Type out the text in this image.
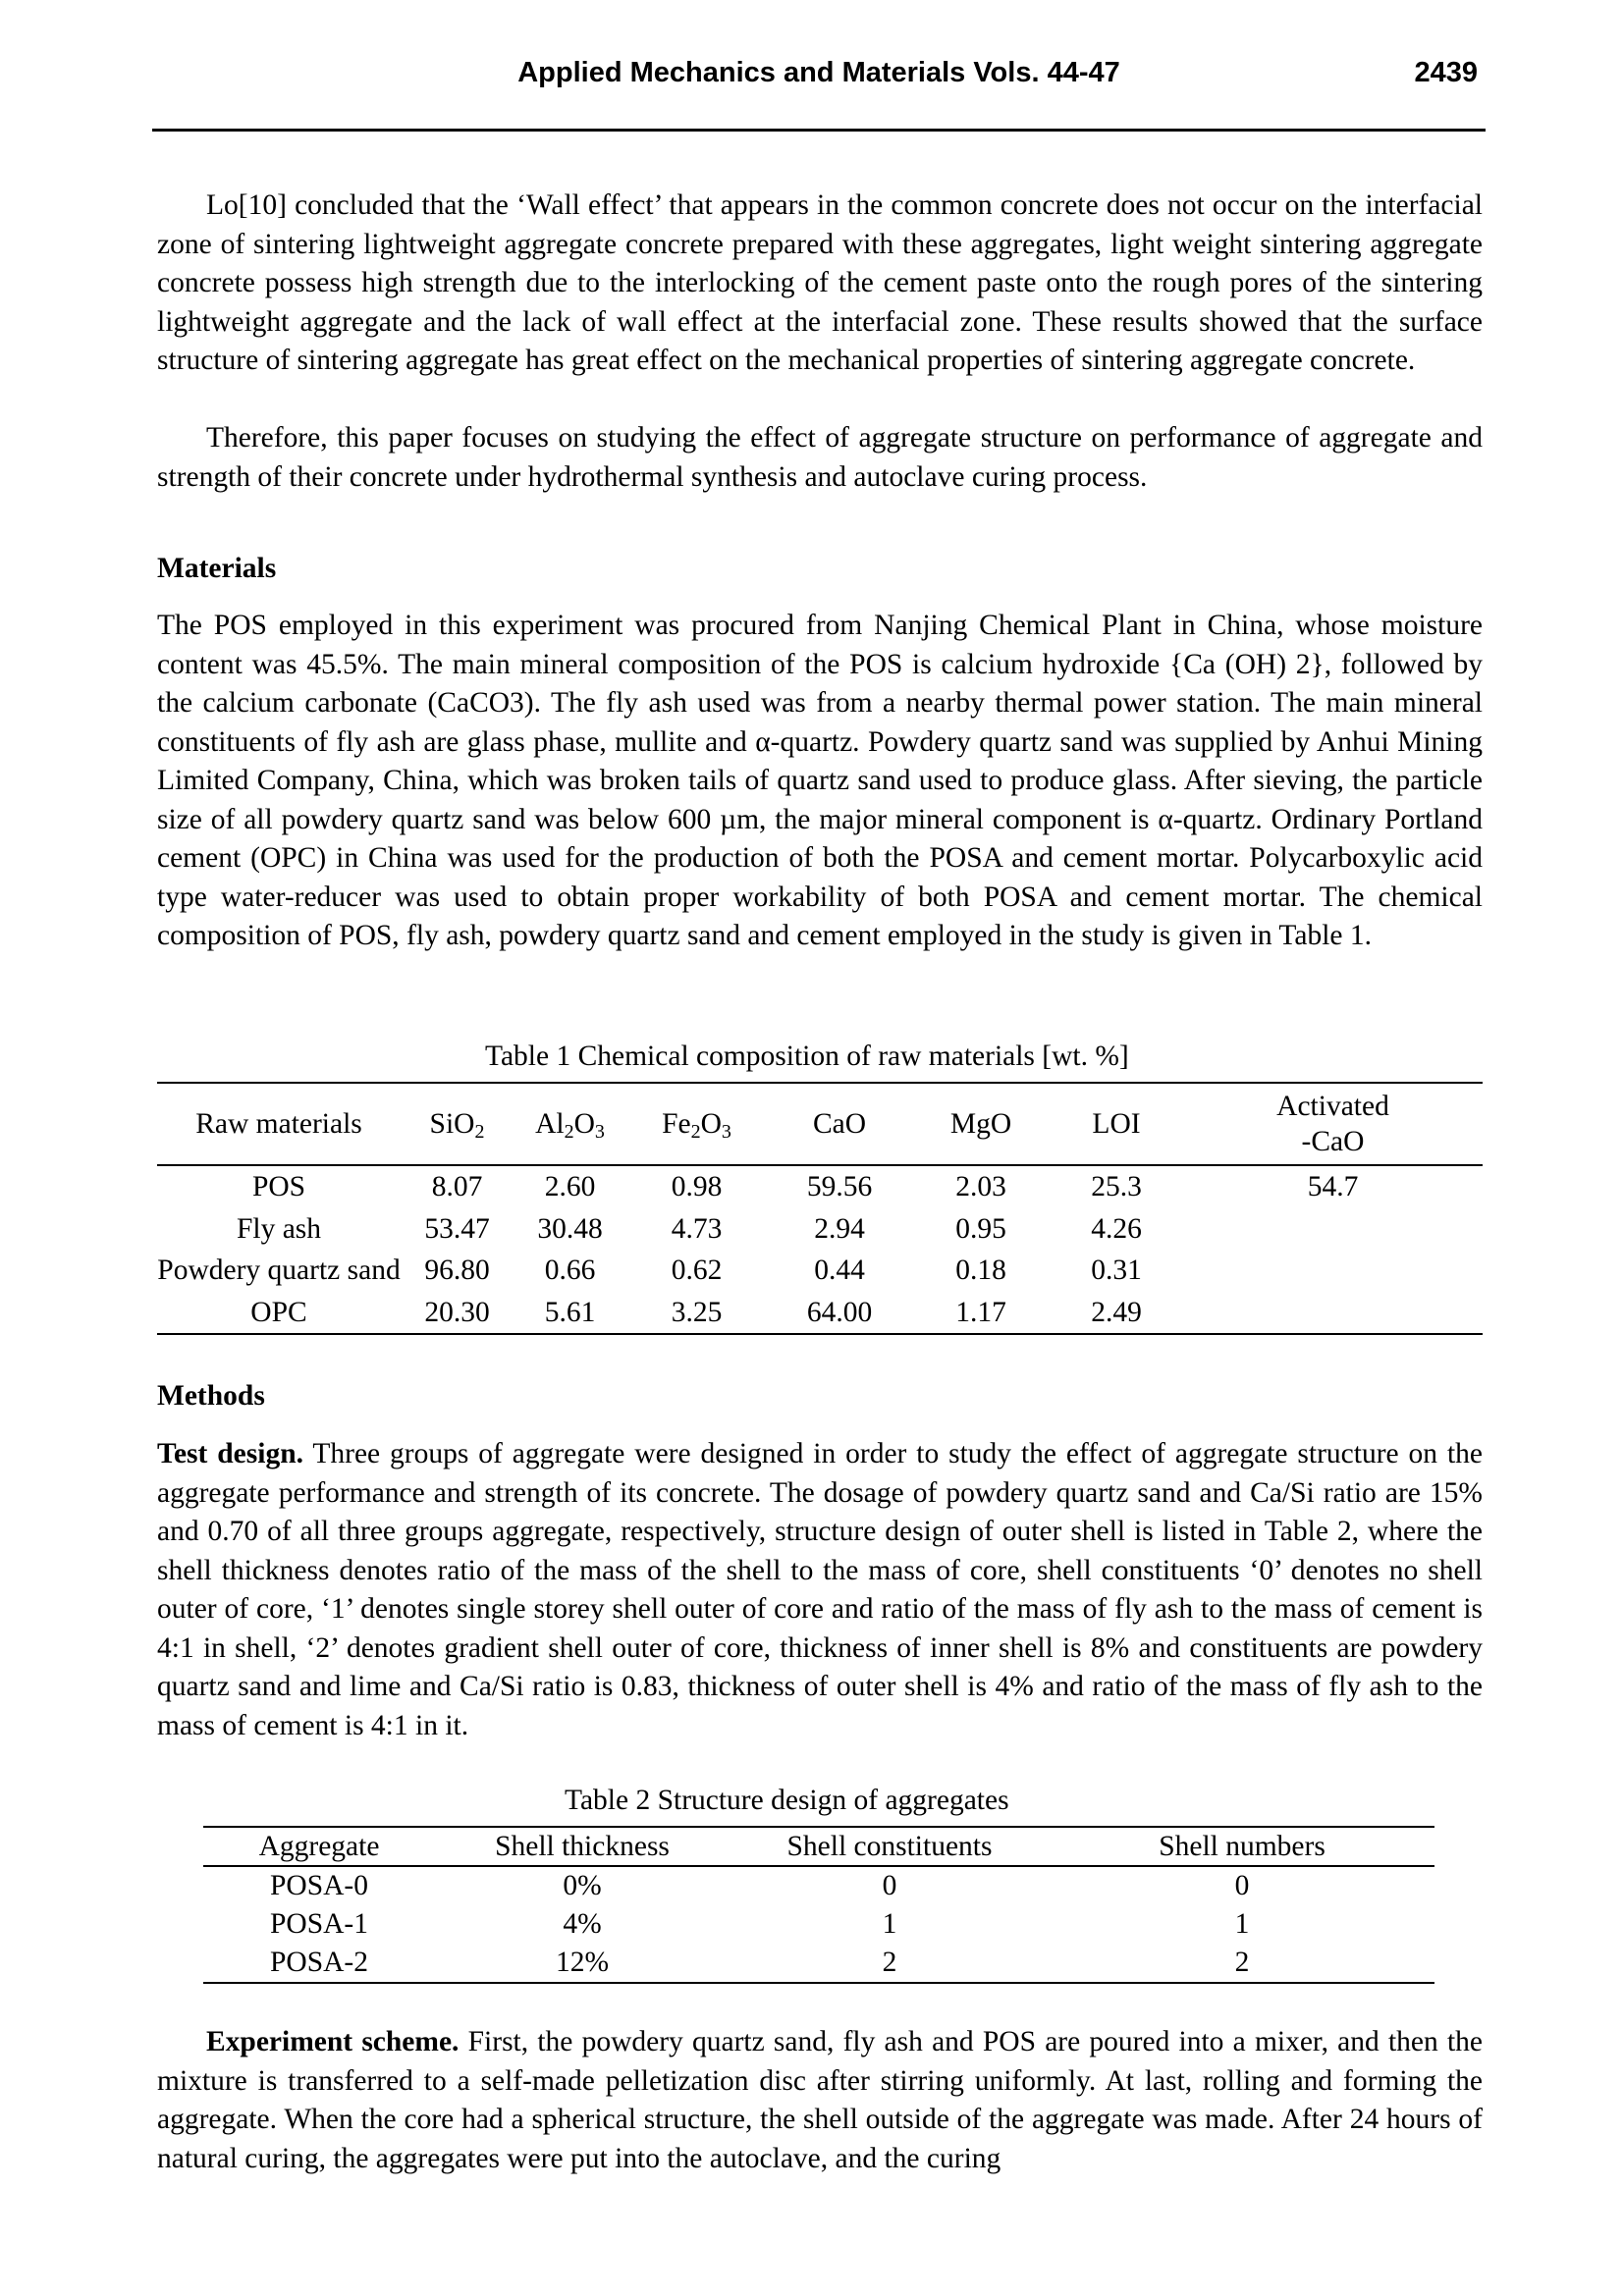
Applied Mechanics and Materials Vols. 44-47	2439

Lo[10] concluded that the ‘Wall effect’ that appears in the common concrete does not occur on the interfacial zone of sintering lightweight aggregate concrete prepared with these aggregates, light weight sintering aggregate concrete possess high strength due to the interlocking of the cement paste onto the rough pores of the sintering lightweight aggregate and the lack of wall effect at the interfacial zone. These results showed that the surface structure of sintering aggregate has great effect on the mechanical properties of sintering aggregate concrete.

Therefore, this paper focuses on studying the effect of aggregate structure on performance of aggregate and strength of their concrete under hydrothermal synthesis and autoclave curing process.

Materials

The POS employed in this experiment was procured from Nanjing Chemical Plant in China, whose moisture content was 45.5%. The main mineral composition of the POS is calcium hydroxide {Ca (OH) 2}, followed by the calcium carbonate (CaCO3). The fly ash used was from a nearby thermal power station. The main mineral constituents of fly ash are glass phase, mullite and α-quartz. Powdery quartz sand was supplied by Anhui Mining Limited Company, China, which was broken tails of quartz sand used to produce glass. After sieving, the particle size of all powdery quartz sand was below 600 µm, the major mineral component is α-quartz. Ordinary Portland cement (OPC) in China was used for the production of both the POSA and cement mortar. Polycarboxylic acid type water-reducer was used to obtain proper workability of both POSA and cement mortar. The chemical composition of POS, fly ash, powdery quartz sand and cement employed in the study is given in Table 1.

Table 1 Chemical composition of raw materials [wt. %]
Raw materials	SiO$_2$	$Al_2O_3$	$Fe_2O_3$	CaO	MgO	LOI	Activated
-CaO

POS	8.07	2.60	0.98	59.56	2.03	25.3	54.7
Fly ash	53.47	30.48	4.73	2.94	0.95	4.26	
Powdery quartz sand	96.80	0.66	0.62	0.44	0.18	0.31	
OPC	20.30	5.61	3.25	64.00	1.17	2.49	
Methods

Test design. Three groups of aggregate were designed in order to study the effect of aggregate structure on the aggregate performance and strength of its concrete. The dosage of powdery quartz sand and Ca/Si ratio are 15% and 0.70 of all three groups aggregate, respectively, structure design of outer shell is listed in Table 2, where the shell thickness denotes ratio of the mass of the shell to the mass of core, shell constituents ‘0’ denotes no shell outer of core, ‘1’ denotes single storey shell outer of core and ratio of the mass of fly ash to the mass of cement is 4:1 in shell, ‘2’ denotes gradient shell outer of core, thickness of inner shell is 8% and constituents are powdery quartz sand and lime and Ca/Si ratio is 0.83, thickness of outer shell is 4% and ratio of the mass of fly ash to the mass of cement is 4:1 in it.

Table 2 Structure design of aggregates
Aggregate	Shell thickness	Shell constituents	Shell numbers
POSA-0	0%	0	0
POSA-1	4%	1	1
POSA-2	12%	2	2

Experiment scheme. First, the powdery quartz sand, fly ash and POS are poured into a mixer, and then the mixture is transferred to a self-made pelletization disc after stirring uniformly. At last, rolling and forming the aggregate. When the core had a spherical structure, the shell outside of the aggregate was made. After 24 hours of natural curing, the aggregates were put into the autoclave, and the curing
